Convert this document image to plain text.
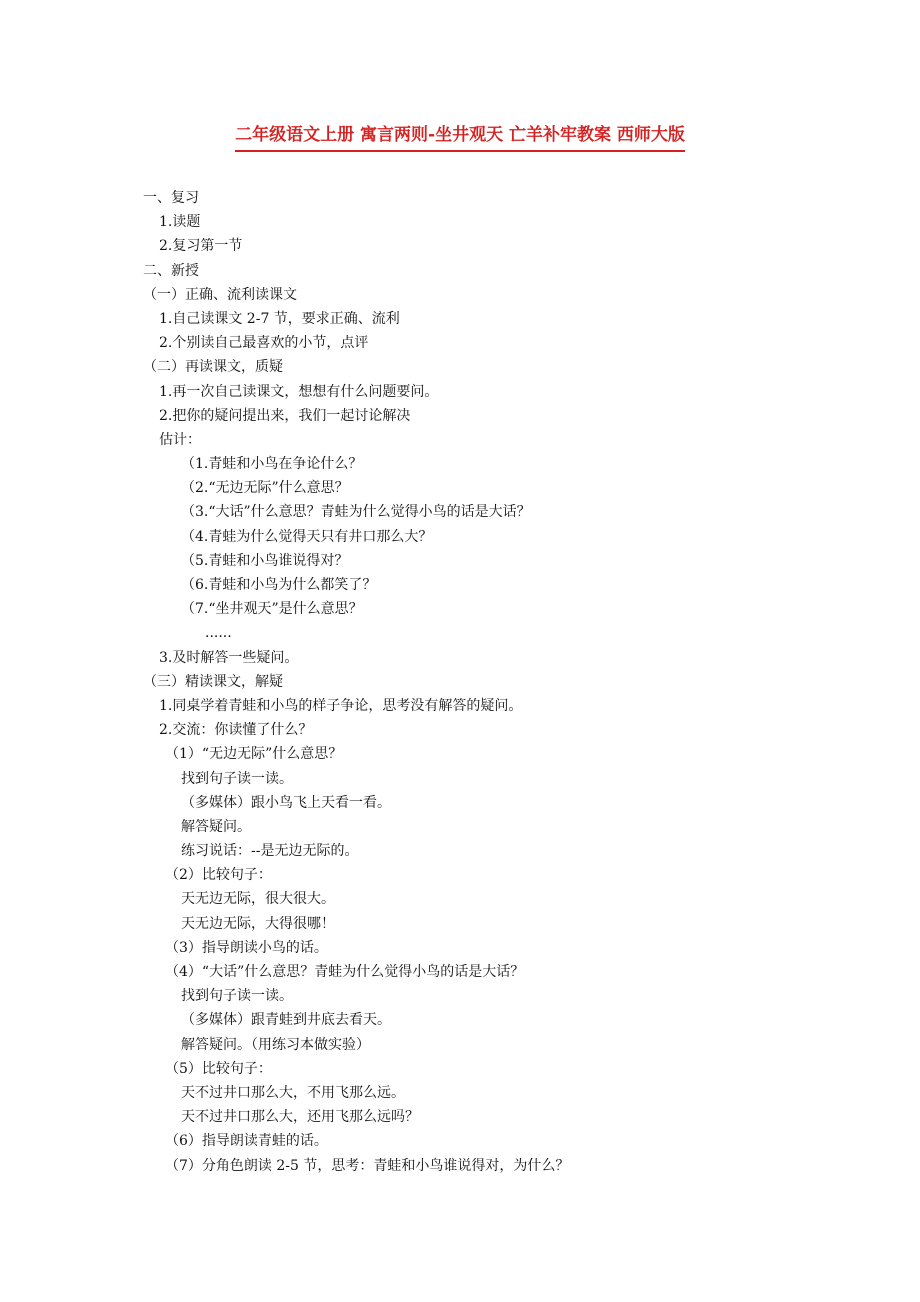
二年级语文上册 寓言两则-坐井观天 亡羊补牢教案 西师大版
一、复习
1.读题
2.复习第一节
二、新授
（一）正确、流利读课文
1.自己读课文 2-7 节，要求正确、流利
2.个别读自己最喜欢的小节，点评
（二）再读课文，质疑
1.再一次自己读课文，想想有什么问题要问。
2.把你的疑问提出来，我们一起讨论解决
估计：
（1.青蛙和小鸟在争论什么？
（2.“无边无际”什么意思？
（3.“大话”什么意思？青蛙为什么觉得小鸟的话是大话？
（4.青蛙为什么觉得天只有井口那么大？
（5.青蛙和小鸟谁说得对？
（6.青蛙和小鸟为什么都笑了？
（7.“坐井观天”是什么意思？
......
3.及时解答一些疑问。
（三）精读课文，解疑
1.同桌学着青蛙和小鸟的样子争论，思考没有解答的疑问。
2.交流：你读懂了什么？
（1）“无边无际”什么意思？
找到句子读一读。
（多媒体）跟小鸟飞上天看一看。
解答疑问。
练习说话：--是无边无际的。
（2）比较句子：
天无边无际，很大很大。
天无边无际，大得很哪！
（3）指导朗读小鸟的话。
（4）“大话”什么意思？青蛙为什么觉得小鸟的话是大话？
找到句子读一读。
（多媒体）跟青蛙到井底去看天。
解答疑问。（用练习本做实验）
（5）比较句子：
天不过井口那么大，不用飞那么远。
天不过井口那么大，还用飞那么远吗？
（6）指导朗读青蛙的话。
（7）分角色朗读 2-5 节，思考：青蛙和小鸟谁说得对，为什么？
